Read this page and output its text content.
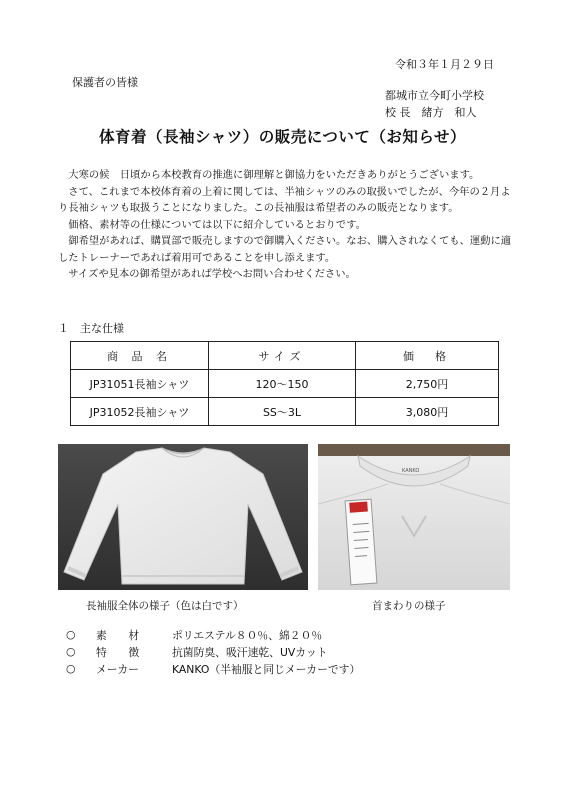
令和３年１月２９日
保護者の皆様
都城市立今町小学校
校 長　緒方　和人
体育着（長袖シャツ）の販売について（お知らせ）

　大寒の候　日頃から本校教育の推進に御理解と御協力をいただきありがとうございます。

　さて、これまで本校体育着の上着に関しては、半袖シャツのみの取扱いでしたが、今年の２月より長袖シャツも取扱うことになりました。この長袖服は希望者のみの販売となります。

　価格、素材等の仕様については以下に紹介しているとおりです。

　御希望があれば、購買部で販売しますので御購入ください。なお、購入されなくても、運動に適したトレーナーであれば着用可であることを申し添えます。

　サイズや見本の御希望があれば学校へお問い合わせください。

１　主な仕様
商 品 名	サイズ	価　格
JP31051長袖シャツ	120～150	2,750円
JP31052長袖シャツ	SS～3L	3,080円
KANKO
長袖服全体の様子（色は白です）	首まわりの様子
○ 素　　材	ポリエステル８０％、綿２０％
○ 特　　徴	抗菌防臭、吸汗速乾、UVカット
○ メーカー	KANKO（半袖服と同じメーカーです）
